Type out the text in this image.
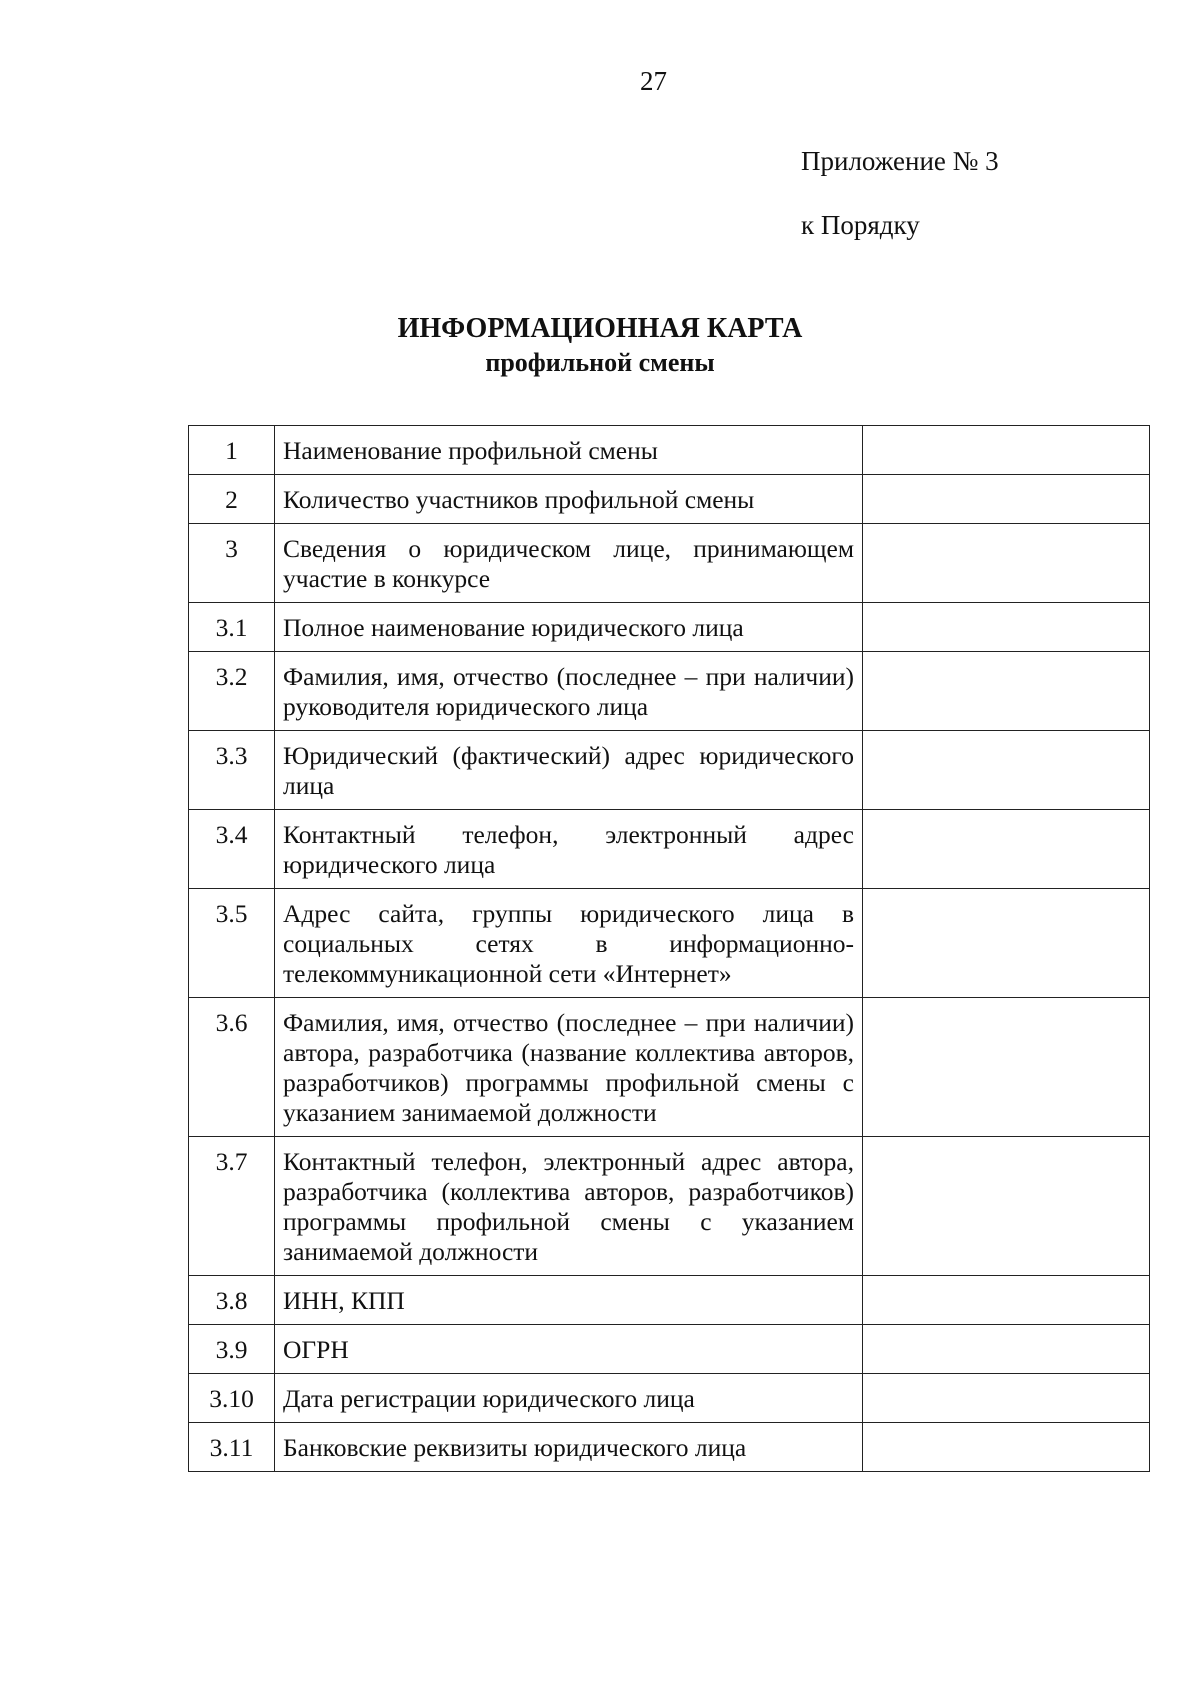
27
Приложение № 3
к Порядку
ИНФОРМАЦИОННАЯ КАРТА
профильной смены
1	Наименование профильной смены	
2	Количество участников профильной смены	
3	Сведения о юридическом лице, принимающем участие в конкурсе	
3.1	Полное наименование юридического лица	
3.2	Фамилия, имя, отчество (последнее – при наличии) руководителя юридического лица	
3.3	Юридический (фактический) адрес юридического лица	
3.4	Контактный телефон, электронный адрес юридического лица	
3.5	Адрес сайта, группы юридического лица в социальных сетях в информационно-телекоммуникационной сети «Интернет»	
3.6	Фамилия, имя, отчество (последнее – при наличии) автора, разработчика (название коллектива авторов, разработчиков) программы профильной смены с указанием занимаемой должности	
3.7	Контактный телефон, электронный адрес автора, разработчика (коллектива авторов, разработчиков) программы профильной смены с указанием занимаемой должности	
3.8	ИНН, КПП	
3.9	ОГРН	
3.10	Дата регистрации юридического лица	
3.11	Банковские реквизиты юридического лица	
